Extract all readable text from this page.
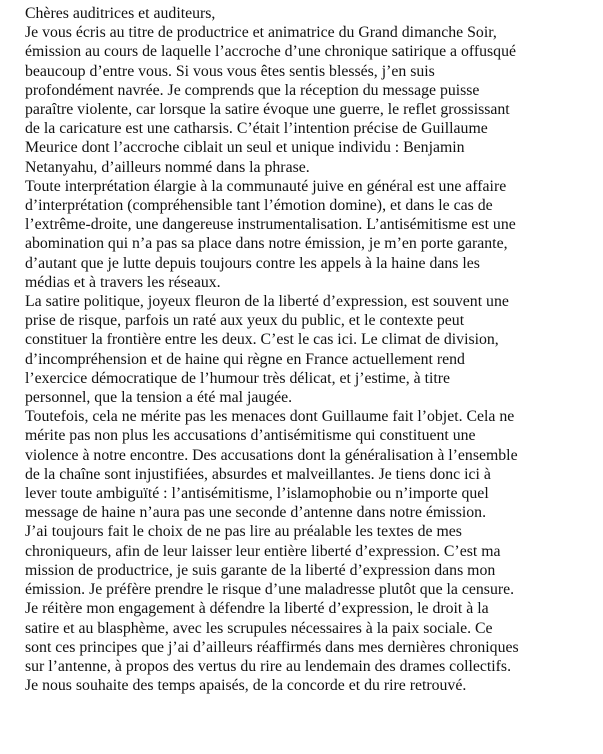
Chères auditrices et auditeurs,
Je vous écris au titre de productrice et animatrice du Grand dimanche Soir,
émission au cours de laquelle l’accroche d’une chronique satirique a offusqué
beaucoup d’entre vous. Si vous vous êtes sentis blessés, j’en suis
profondément navrée. Je comprends que la réception du message puisse
paraître violente, car lorsque la satire évoque une guerre, le reflet grossissant
de la caricature est une catharsis. C’était l’intention précise de Guillaume
Meurice dont l’accroche ciblait un seul et unique individu : Benjamin
Netanyahu, d’ailleurs nommé dans la phrase.
Toute interprétation élargie à la communauté juive en général est une affaire
d’interprétation (compréhensible tant l’émotion domine), et dans le cas de
l’extrême-droite, une dangereuse instrumentalisation. L’antisémitisme est une
abomination qui n’a pas sa place dans notre émission, je m’en porte garante,
d’autant que je lutte depuis toujours contre les appels à la haine dans les
médias et à travers les réseaux.
La satire politique, joyeux fleuron de la liberté d’expression, est souvent une
prise de risque, parfois un raté aux yeux du public, et le contexte peut
constituer la frontière entre les deux. C’est le cas ici. Le climat de division,
d’incompréhension et de haine qui règne en France actuellement rend
l’exercice démocratique de l’humour très délicat, et j’estime, à titre
personnel, que la tension a été mal jaugée.
Toutefois, cela ne mérite pas les menaces dont Guillaume fait l’objet. Cela ne
mérite pas non plus les accusations d’antisémitisme qui constituent une
violence à notre encontre. Des accusations dont la généralisation à l’ensemble
de la chaîne sont injustifiées, absurdes et malveillantes. Je tiens donc ici à
lever toute ambiguïté : l’antisémitisme, l’islamophobie ou n’importe quel
message de haine n’aura pas une seconde d’antenne dans notre émission.
J’ai toujours fait le choix de ne pas lire au préalable les textes de mes
chroniqueurs, afin de leur laisser leur entière liberté d’expression. C’est ma
mission de productrice, je suis garante de la liberté d’expression dans mon
émission. Je préfère prendre le risque d’une maladresse plutôt que la censure.
Je réitère mon engagement à défendre la liberté d’expression, le droit à la
satire et au blasphème, avec les scrupules nécessaires à la paix sociale. Ce
sont ces principes que j’ai d’ailleurs réaffirmés dans mes dernières chroniques
sur l’antenne, à propos des vertus du rire au lendemain des drames collectifs.
Je nous souhaite des temps apaisés, de la concorde et du rire retrouvé.
